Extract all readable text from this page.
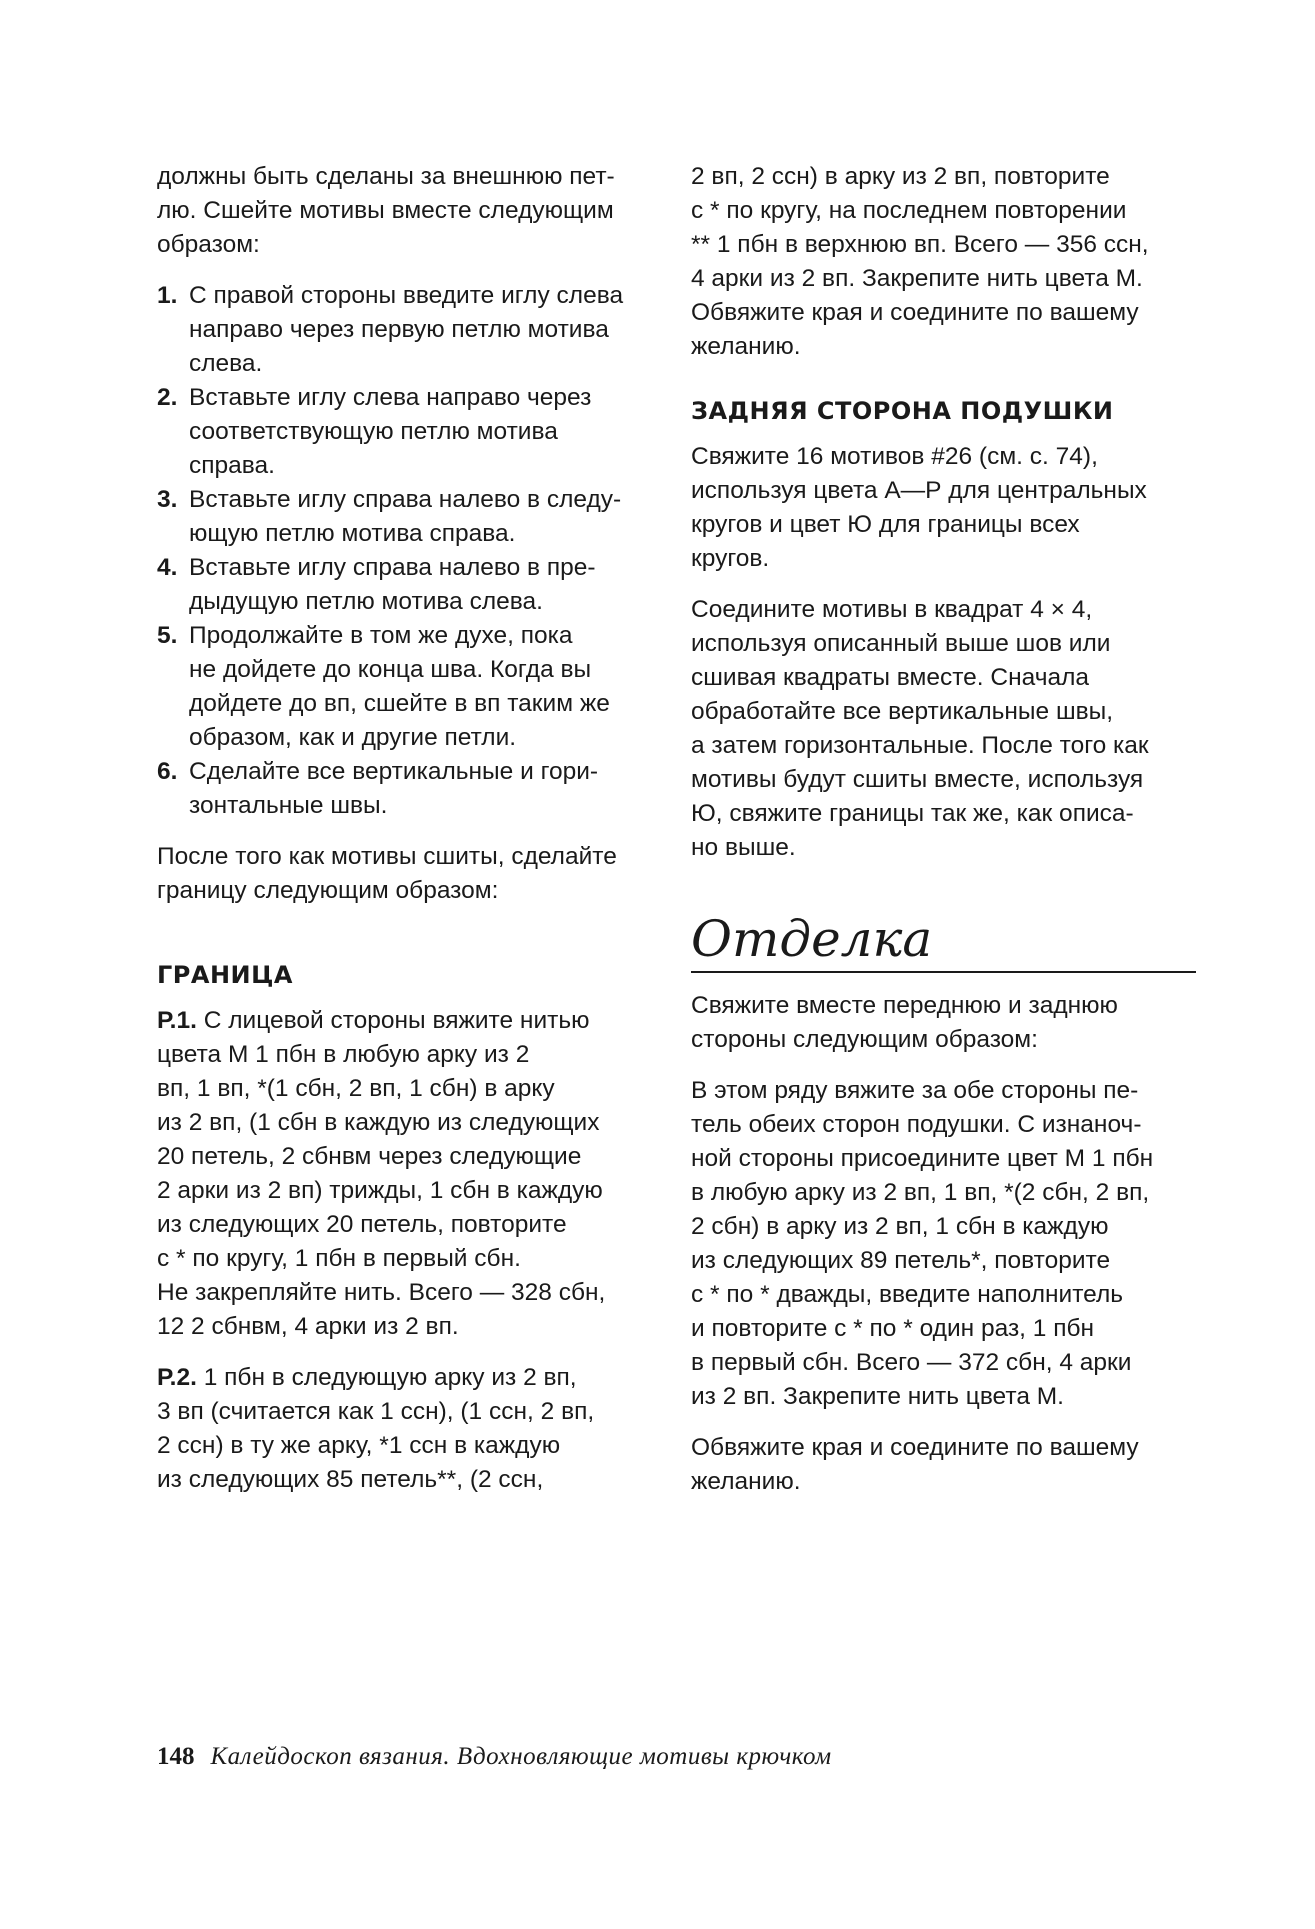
должны быть сделаны за внешнюю пет-
лю. Сшейте мотивы вместе следующим
образом:

1. С правой стороны введите иглу слева
направо через первую петлю мотива
слева.
2. Вставьте иглу слева направо через
соответствующую петлю мотива
справа.
3. Вставьте иглу справа налево в следу-
ющую петлю мотива справа.
4. Вставьте иглу справа налево в пре-
дыдущую петлю мотива слева.
5. Продолжайте в том же духе, пока
не дойдете до конца шва. Когда вы
дойдете до вп, сшейте в вп таким же
образом, как и другие петли.
6. Сделайте все вертикальные и гори-
зонтальные швы.

После того как мотивы сшиты, сделайте
границу следующим образом:

ГРАНИЦА

Р.1. С лицевой стороны вяжите нитью
цвета М 1 пбн в любую арку из 2
вп, 1 вп, *(1 сбн, 2 вп, 1 сбн) в арку
из 2 вп, (1 сбн в каждую из следующих
20 петель, 2 сбнвм через следующие
2 арки из 2 вп) трижды, 1 сбн в каждую
из следующих 20 петель, повторите
с * по кругу, 1 пбн в первый сбн.
Не закрепляйте нить. Всего — 328 сбн,
12 2 сбнвм, 4 арки из 2 вп.

Р.2. 1 пбн в следующую арку из 2 вп,
3 вп (считается как 1 ссн), (1 ссн, 2 вп,
2 ссн) в ту же арку, *1 ссн в каждую
из следующих 85 петель**, (2 ссн,

2 вп, 2 ссн) в арку из 2 вп, повторите
с * по кругу, на последнем повторении
** 1 пбн в верхнюю вп. Всего — 356 ссн,
4 арки из 2 вп. Закрепите нить цвета М.
Обвяжите края и соедините по вашему
желанию.

ЗАДНЯЯ СТОРОНА ПОДУШКИ

Свяжите 16 мотивов #26 (см. с. 74),
используя цвета А—Р для центральных
кругов и цвет Ю для границы всех
кругов.

Соедините мотивы в квадрат 4 × 4,
используя описанный выше шов или
сшивая квадраты вместе. Сначала
обработайте все вертикальные швы,
а затем горизонтальные. После того как
мотивы будут сшиты вместе, используя
Ю, свяжите границы так же, как описа-
но выше.

Отделка

Свяжите вместе переднюю и заднюю
стороны следующим образом:

В этом ряду вяжите за обе стороны пе-
тель обеих сторон подушки. С изнаноч-
ной стороны присоедините цвет М 1 пбн
в любую арку из 2 вп, 1 вп, *(2 сбн, 2 вп,
2 сбн) в арку из 2 вп, 1 сбн в каждую
из следующих 89 петель*, повторите
с * по * дважды, введите наполнитель
и повторите с * по * один раз, 1 пбн
в первый сбн. Всего — 372 сбн, 4 арки
из 2 вп. Закрепите нить цвета М.

Обвяжите края и соедините по вашему
желанию.

148 Калейдоскоп вязания. Вдохновляющие мотивы крючком
